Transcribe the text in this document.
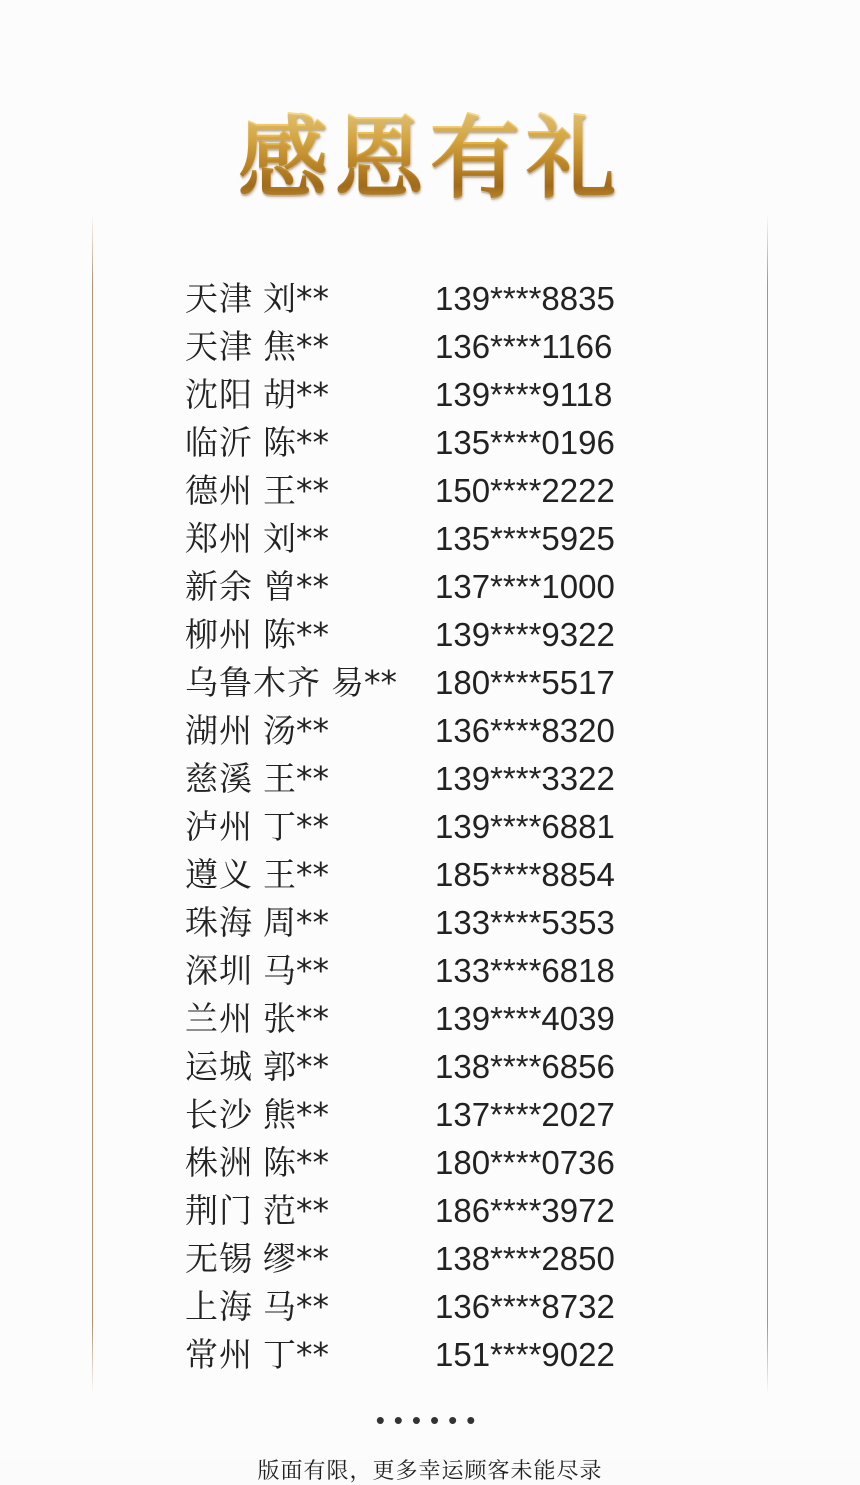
感恩有礼
天津 刘**	139****8835
天津 焦**	136****1166
沈阳 胡**	139****9118
临沂 陈**	135****0196
德州 王**	150****2222
郑州 刘**	135****5925
新余 曾**	137****1000
柳州 陈**	139****9322
乌鲁木齐 易**	180****5517
湖州 汤**	136****8320
慈溪 王**	139****3322
泸州 丁**	139****6881
遵义 王**	185****8854
珠海 周**	133****5353
深圳 马**	133****6818
兰州 张**	139****4039
运城 郭**	138****6856
长沙 熊**	137****2027
株洲 陈**	180****0736
荆门 范**	186****3972
无锡 缪**	138****2850
上海 马**	136****8732
常州 丁**	151****9022
••••••
版面有限，更多幸运顾客未能尽录
